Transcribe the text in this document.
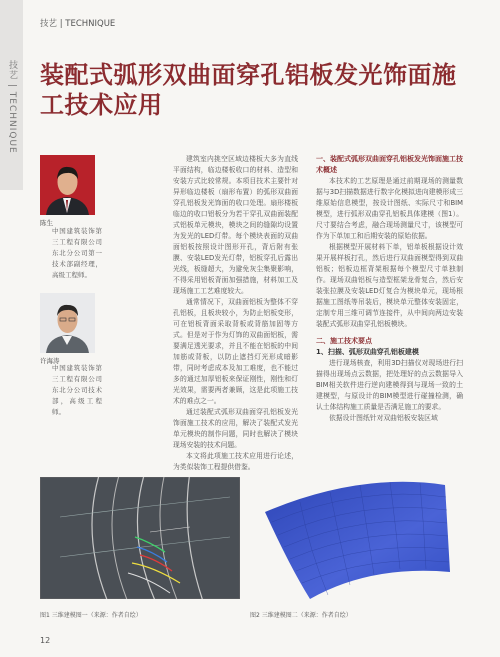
技艺 | TECHNIQUE
技艺 | TECHNIQUE
装配式弧形双曲面穿孔铝板发光饰面施工技术应用
陈生
中国建筑装饰第三工程有限公司东北分公司第一技术部副经理，高级工程师。
许海涛
中国建筑装饰第三工程有限公司东北分公司技术部，高级工程师。

建筑室内挑空区域边楼板大多为直线平面结构，临边楼板收口的材料、造型和安装方式比较常规。本项目技术主要针对异形临边楼板（扇形布置）的弧形双曲面穿孔铝板发光饰面的收口处理。扇形楼板临边的收口铝板分为若干穿孔双曲面装配式铝板单元模块，模块之间的缝隙均设置为发光的LED灯带。每个模块表面的双曲面铝板按照设计图形开孔，背后附有张膜、安装LED发光灯带，铝板穿孔后露出光线，板缝超大，为避免灰尘集聚影响，不得采用铝板背面加强措施，材料加工及现场施工工艺难度较大。

通常情况下，双曲面铝板为整体不穿孔铝板，且板块较小，为防止铝板变形，可在铝板背面采取背板或背筋加固等方式。但是对于作为灯饰的双曲面铝板，需要满足透光要求，并且不能在铝板的中间加筋或背板，以防止遮挡灯光形成暗影带，同时考虑成本及加工难度，也不能过多的通过加厚铝板来保证刚性，刚性和灯光效果，需要两者兼顾，这是此项施工技术的难点之一。

通过装配式弧形双曲面穿孔铝板发光饰面施工技术的应用，解决了装配式发光单元模块的制作问题，同时也解决了模块现场安装的技术问题。

本文将此项施工技术应用进行论述，为类似装饰工程提供借鉴。

一、装配式弧形双曲面穿孔铝板发光饰面施工技术概述

本技术的工艺原理是通过前期现场的测量数据与3D扫描数据进行数字化模拟进向建模形成三维原始信息模型，按设计图纸、实际尺寸和BIM模型，进行弧形双曲穿孔铝板具体建模（图1）。尺寸要结合考虑，融合现场测量尺寸，该模型可作为下单加工和后期安装的原始依据。

根据模型开展材料下单，铝单板根据设计效果开展样板打孔，然后进行双曲面模型得到双曲铝板；铝板边框背架根据每个模型尺寸单独制作。现场双曲铝板与造型框架龙骨复合，然后安装张拉膜及安装LED灯复合为模块单元，现场根据施工图纸等吊装后，模块单元整体安装固定，定制专用三维可调节连接件，从中间向两边安装装配式弧形双曲穿孔铝板模块。

二、施工技术要点
1、扫描、弧形双曲穿孔铝板建模

进行现场核查，利用3D扫描仪对现场进行扫描得出现场点云数据，把处理好的点云数据导入BIM相关软件进行逆向建模得到与现场一致的土建模型，与原设计的BIM模型进行碰撞检测，确认土体结构施工质量是否满足施工的要求。

依据设计图纸针对双曲铝板安装区域

图1 三维建模图一（来源：作者自绘）	图2 三维建模图二（来源：作者自绘）
12
